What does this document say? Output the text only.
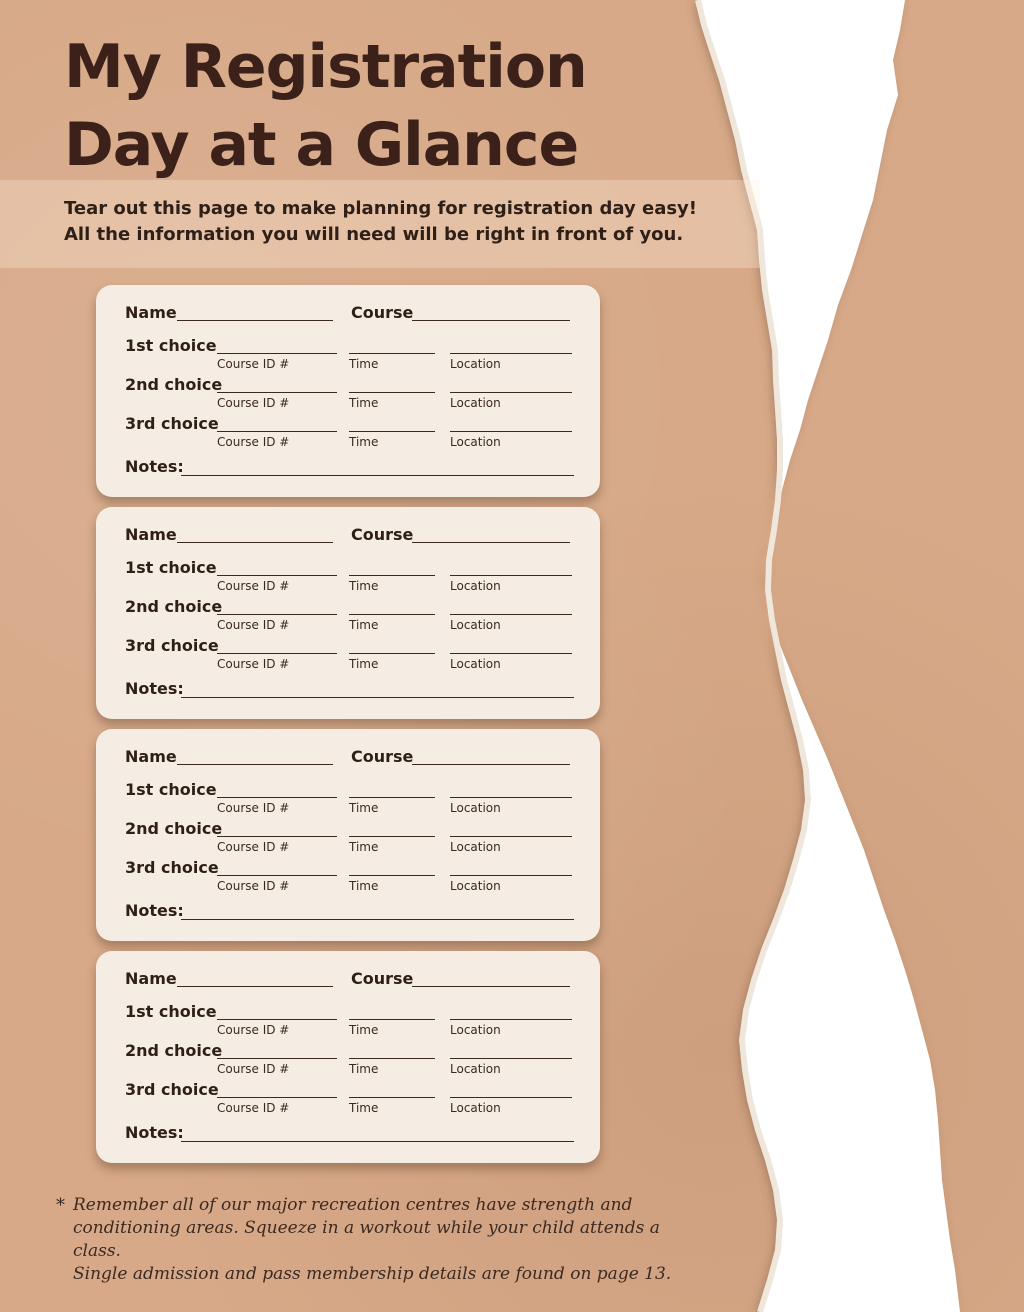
My Registration
Day at a Glance

Tear out this page to make planning for registration day easy!
All the information you will need will be right in front of you.

Name	Course
1st choice
Course ID #	Time	Location
2nd choice
Course ID #	Time	Location
3rd choice
Course ID #	Time	Location
Notes:
Name	Course
1st choice
Course ID #	Time	Location
2nd choice
Course ID #	Time	Location
3rd choice
Course ID #	Time	Location
Notes:
Name	Course
1st choice
Course ID #	Time	Location
2nd choice
Course ID #	Time	Location
3rd choice
Course ID #	Time	Location
Notes:
Name	Course
1st choice
Course ID #	Time	Location
2nd choice
Course ID #	Time	Location
3rd choice
Course ID #	Time	Location
Notes:
* Remember all of our major recreation centres have strength and
conditioning areas. Squeeze in a workout while your child attends a class.
Single admission and pass membership details are found on page 13.
